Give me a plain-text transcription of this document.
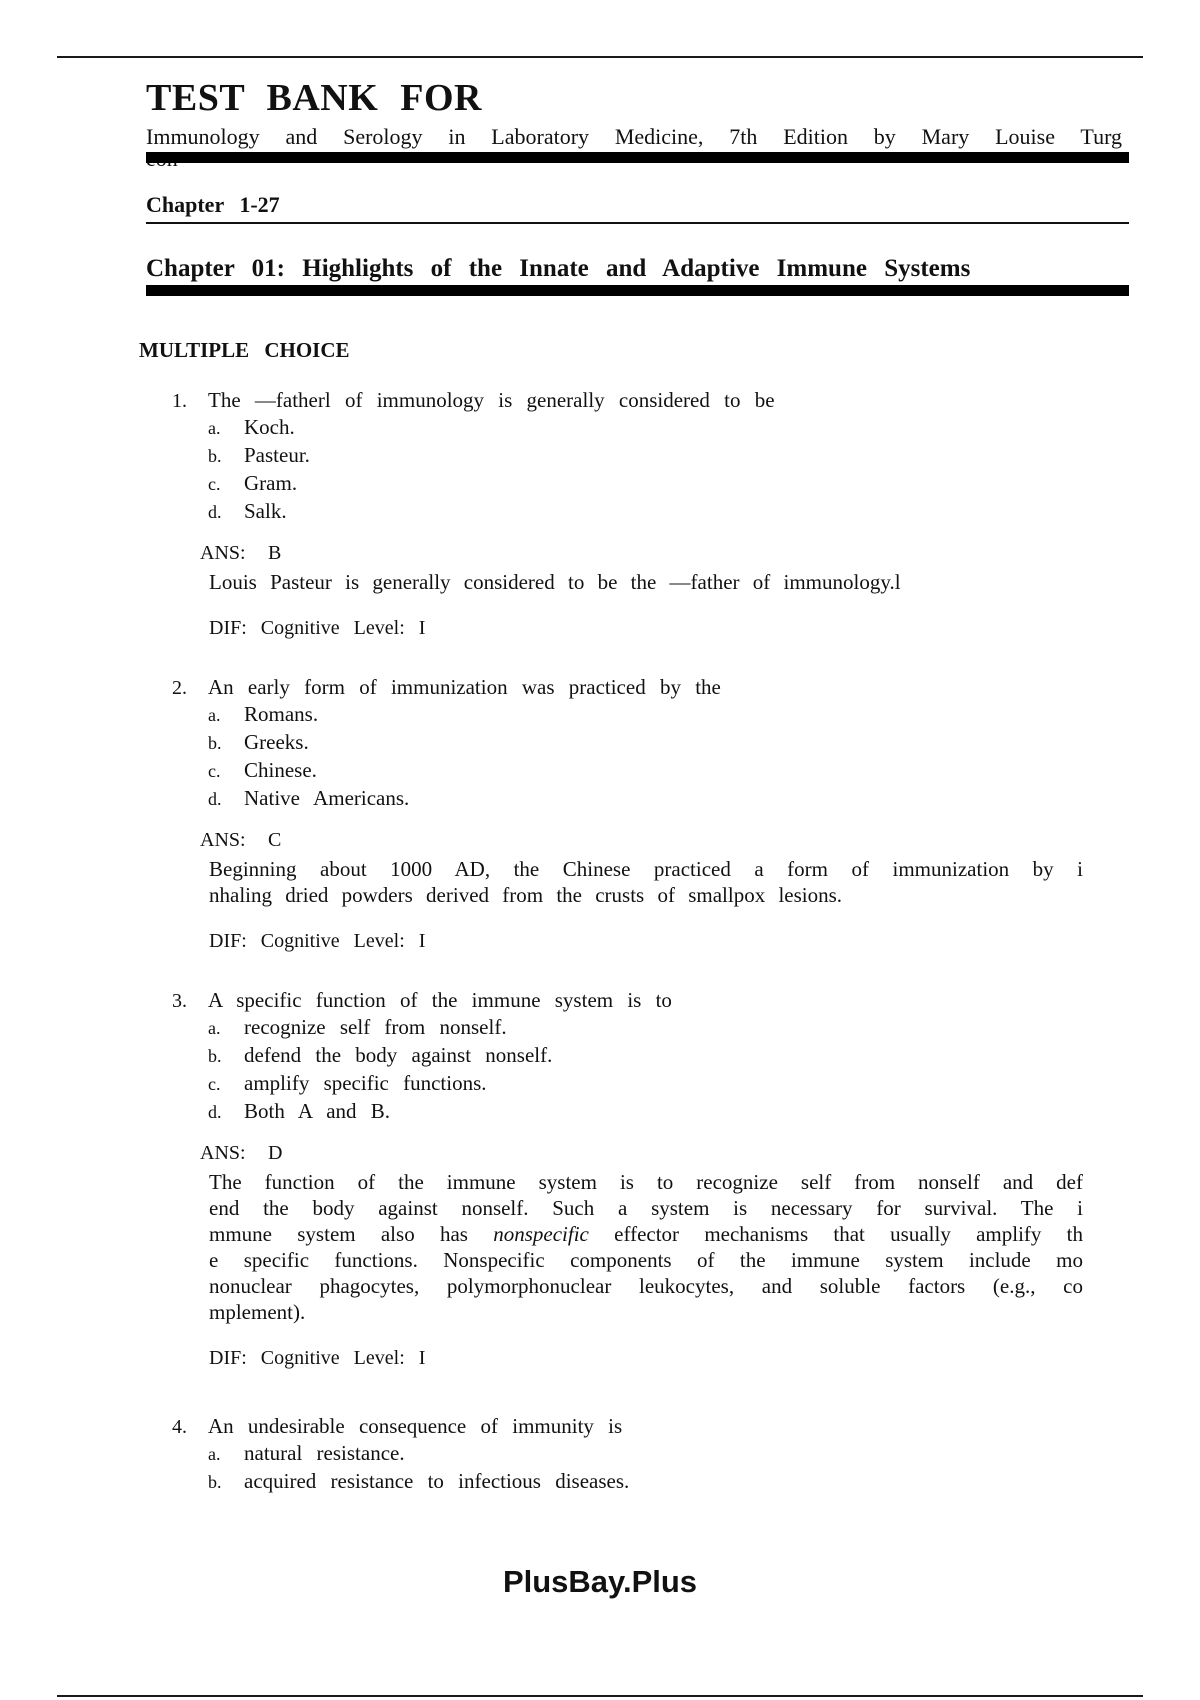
TEST BANK FOR
Immunology and Serology in Laboratory Medicine, 7th Edition by Mary Louise Turg
Chapter 1-27
Chapter 01: Highlights of the Innate and Adaptive Immune Systems
MULTIPLE CHOICE
1.	The —fatherl of immunology is generally considered to be
a.	Koch.
b.	Pasteur.
c.	Gram.
d.	Salk.
ANS: B
Louis Pasteur is generally considered to be the —father of immunology.l
DIF: Cognitive Level: I
2.	An early form of immunization was practiced by the
a.	Romans.
b.	Greeks.
c.	Chinese.
d.	Native Americans.
ANS: C
Beginning about 1000 AD, the Chinese practiced a form of immunization by i
nhaling dried powders derived from the crusts of smallpox lesions.
DIF: Cognitive Level: I
3.	A specific function of the immune system is to
a.	recognize self from nonself.
b.	defend the body against nonself.
c.	amplify specific functions.
d.	Both A and B.
ANS: D
The function of the immune system is to recognize self from nonself and def
end the body against nonself. Such a system is necessary for survival. The i
mmune system also has nonspecific effector mechanisms that usually amplify th
e specific functions. Nonspecific components of the immune system include mo
nonuclear phagocytes, polymorphonuclear leukocytes, and soluble factors (e.g., co
mplement).
DIF: Cognitive Level: I
4.	An undesirable consequence of immunity is
a.	natural resistance.
b.	acquired resistance to infectious diseases.
PlusBay.Plus
